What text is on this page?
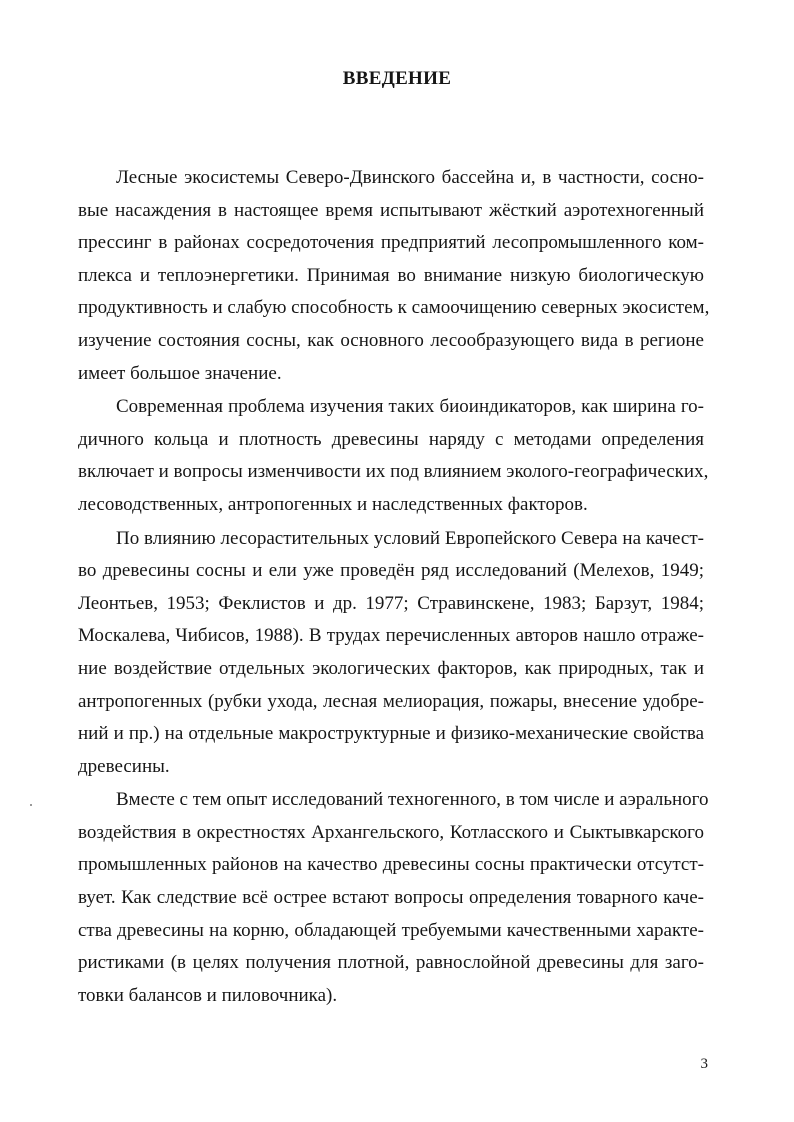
ВВЕДЕНИЕ

Лесные экосистемы Северо-Двинского бассейна и, в частности, сосно-
вые насаждения в настоящее время испытывают жёсткий аэротехногенный
прессинг в районах сосредоточения предприятий лесопромышленного ком-
плекса и теплоэнергетики. Принимая во внимание низкую биологическую
продуктивность и слабую способность к самоочищению северных экосистем,
изучение состояния сосны, как основного лесообразующего вида в регионе
имеет большое значение.

Современная проблема изучения таких биоиндикаторов, как ширина го-
дичного кольца и плотность древесины наряду с методами определения
включает и вопросы изменчивости их под влиянием эколого-географических,
лесоводственных, антропогенных и наследственных факторов.

По влиянию лесорастительных условий Европейского Севера на качест-
во древесины сосны и ели уже проведён ряд исследований (Мелехов, 1949;
Леонтьев, 1953; Феклистов и др. 1977; Стравинскене, 1983; Барзут, 1984;
Москалева, Чибисов, 1988). В трудах перечисленных авторов нашло отраже-
ние воздействие отдельных экологических факторов, как природных, так и
антропогенных (рубки ухода, лесная мелиорация, пожары, внесение удобре-
ний и пр.) на отдельные макроструктурные и физико-механические свойства
древесины.

Вместе с тем опыт исследований техногенного, в том числе и аэрального
воздействия в окрестностях Архангельского, Котласского и Сыктывкарского
промышленных районов на качество древесины сосны практически отсутст-
вует. Как следствие всё острее встают вопросы определения товарного каче-
ства древесины на корню, обладающей требуемыми качественными характе-
ристиками (в целях получения плотной, равнослойной древесины для заго-
товки балансов и пиловочника).

3
